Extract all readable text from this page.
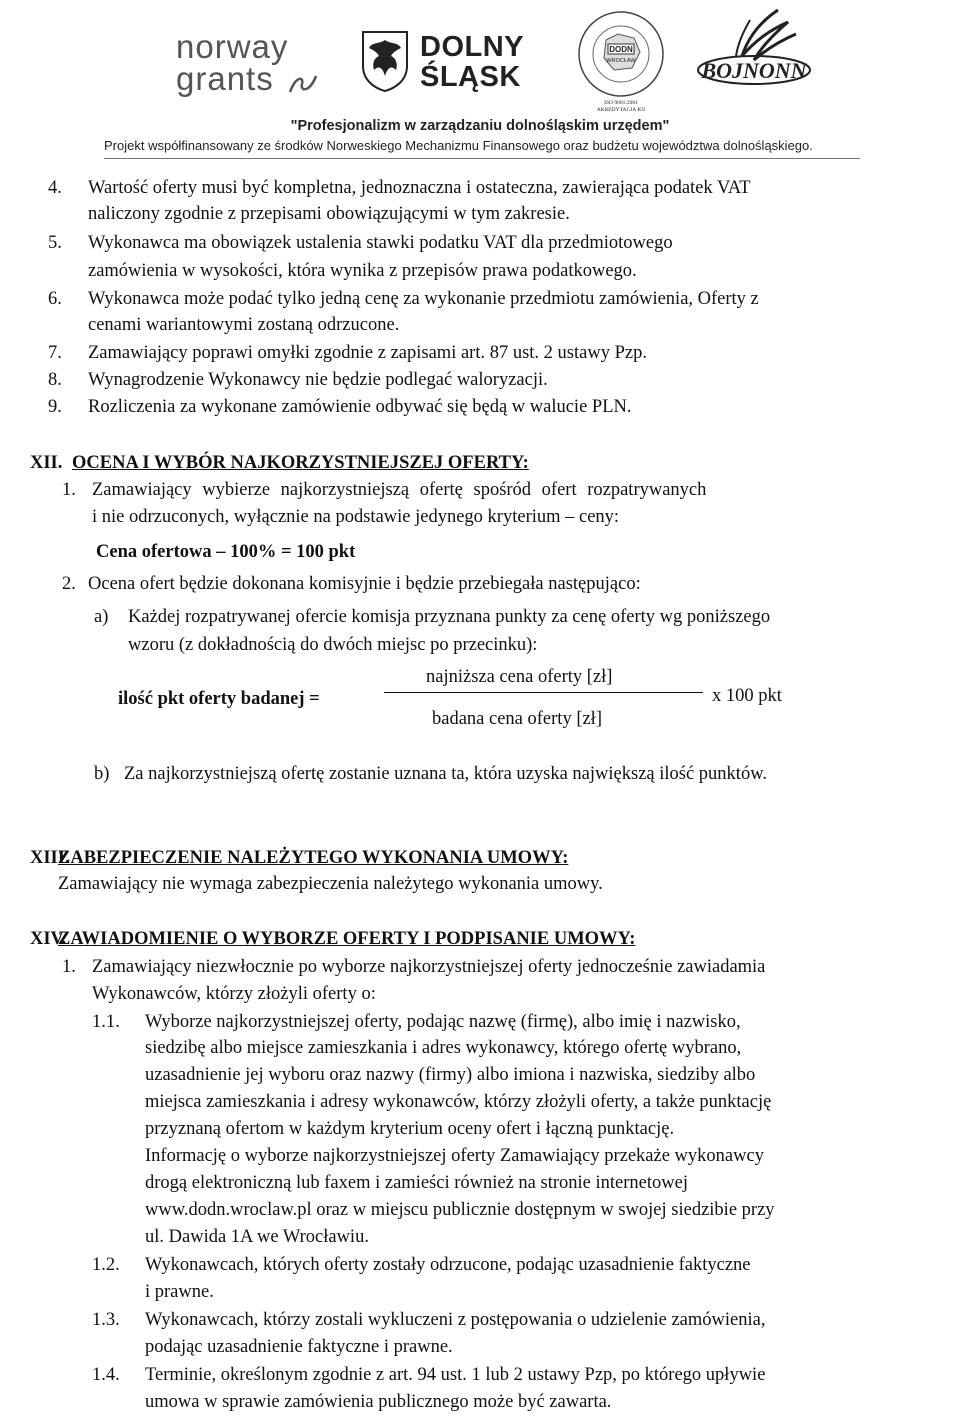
norway
grants
DOLNY
ŚLĄSK
DODN
WROCŁAW
ISO 9001:2001
AKREDYTACJA KO
BOJNONN
"Profesjonalizm w zarządzaniu dolnośląskim urzędem"
Projekt współfinansowany ze środków Norweskiego Mechanizmu Finansowego oraz budżetu województwa dolnośląskiego.
4. Wartość oferty musi być kompletna, jednoznaczna i ostateczna, zawierająca podatek VAT
naliczony zgodnie z przepisami obowiązującymi w tym zakresie.
5. Wykonawca ma obowiązek ustalenia stawki podatku VAT dla przedmiotowego
zamówienia w wysokości, która wynika z przepisów prawa podatkowego.
6. Wykonawca może podać tylko jedną cenę za wykonanie przedmiotu zamówienia, Oferty z
cenami wariantowymi zostaną odrzucone.
7. Zamawiający poprawi omyłki zgodnie z zapisami art. 87 ust. 2 ustawy Pzp.
8. Wynagrodzenie Wykonawcy nie będzie podlegać waloryzacji.
9. Rozliczenia za wykonane zamówienie odbywać się będą w walucie PLN.
XII. OCENA I WYBÓR NAJKORZYSTNIEJSZEJ OFERTY:
1. Zamawiający wybierze najkorzystniejszą ofertę spośród ofert rozpatrywanych
i nie odrzuconych, wyłącznie na podstawie jedynego kryterium – ceny:
Cena ofertowa – 100% = 100 pkt
2. Ocena ofert będzie dokonana komisyjnie i będzie przebiegała następująco:
a) Każdej rozpatrywanej ofercie komisja przyznana punkty za cenę oferty wg poniższego
wzoru (z dokładnością do dwóch miejsc po przecinku):
najniższa cena oferty [zł]
ilość pkt oferty badanej =	x 100 pkt
badana cena oferty [zł]
b) Za najkorzystniejszą ofertę zostanie uznana ta, która uzyska największą ilość punktów.
XIII.
ZABEZPIECZENIE NALEŻYTEGO WYKONANIA UMOWY:
Zamawiający nie wymaga zabezpieczenia należytego wykonania umowy.
XIV.
ZAWIADOMIENIE O WYBORZE OFERTY I PODPISANIE UMOWY:
1. Zamawiający niezwłocznie po wyborze najkorzystniejszej oferty jednocześnie zawiadamia
Wykonawców, którzy złożyli oferty o:
1.1. Wyborze najkorzystniejszej oferty, podając nazwę (firmę), albo imię i nazwisko,
siedzibę albo miejsce zamieszkania i adres wykonawcy, którego ofertę wybrano,
uzasadnienie jej wyboru oraz nazwy (firmy) albo imiona i nazwiska, siedziby albo
miejsca zamieszkania i adresy wykonawców, którzy złożyli oferty, a także punktację
przyznaną ofertom w każdym kryterium oceny ofert i łączną punktację.
Informację o wyborze najkorzystniejszej oferty Zamawiający przekaże wykonawcy
drogą elektroniczną lub faxem i zamieści również na stronie internetowej
www.dodn.wroclaw.pl oraz w miejscu publicznie dostępnym w swojej siedzibie przy
ul. Dawida 1A we Wrocławiu.
1.2. Wykonawcach, których oferty zostały odrzucone, podając uzasadnienie faktyczne
i prawne.
1.3. Wykonawcach, którzy zostali wykluczeni z postępowania o udzielenie zamówienia,
podając uzasadnienie faktyczne i prawne.
1.4. Terminie, określonym zgodnie z art. 94 ust. 1 lub 2 ustawy Pzp, po którego upływie
umowa w sprawie zamówienia publicznego może być zawarta.
